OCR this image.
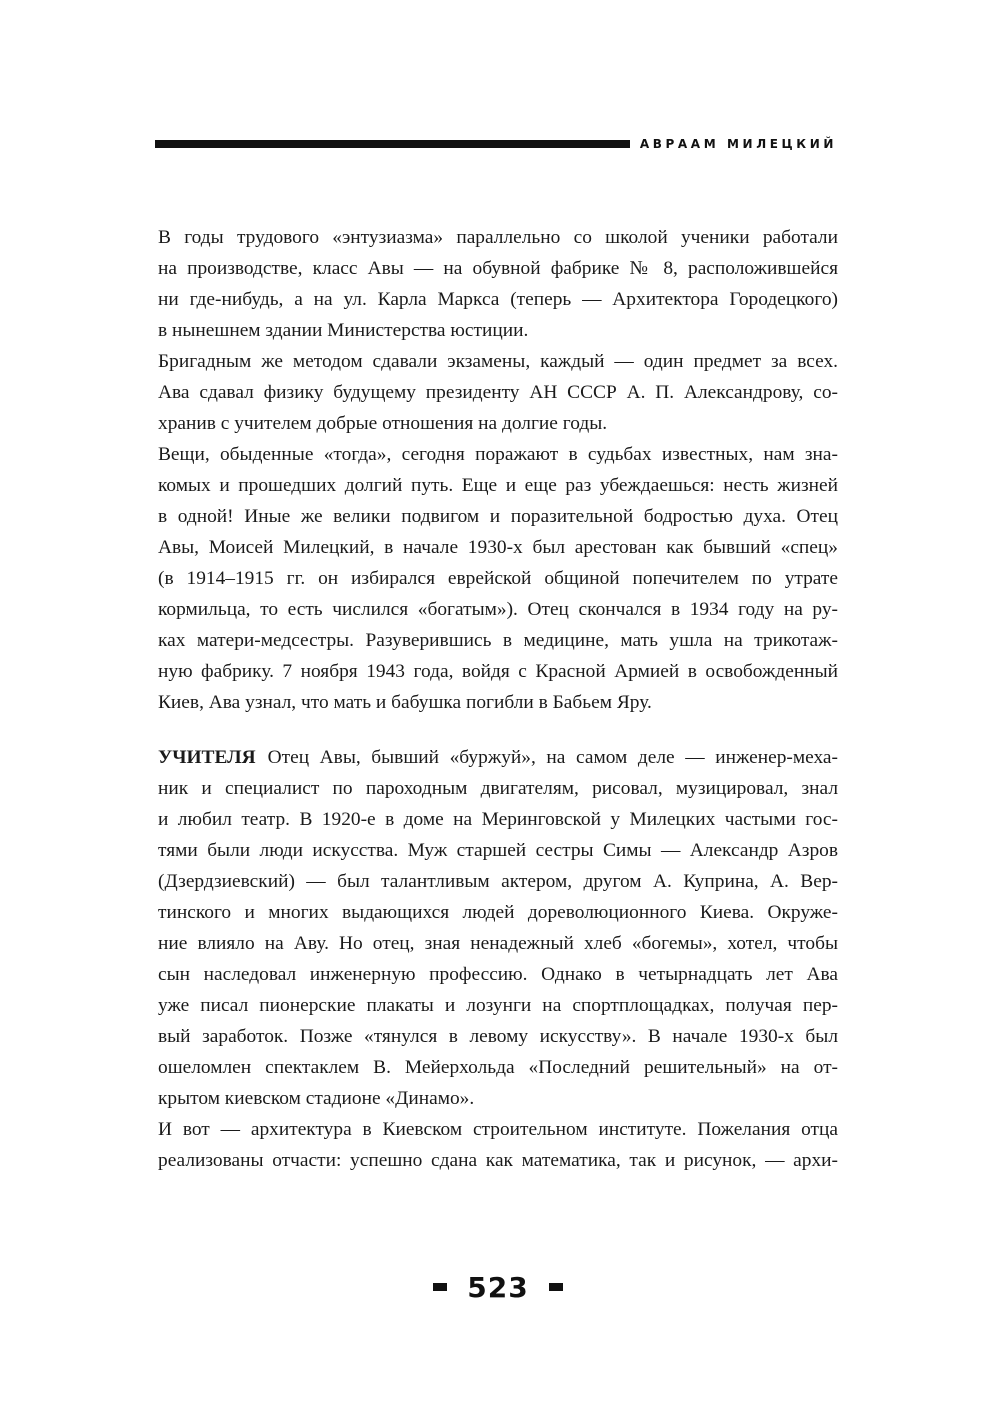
АВРААМ МИЛЕЦКИЙ
В годы трудового «энтузиазма» параллельно со школой ученики работали
на производстве, класс Авы — на обувной фабрике № 8, расположившейся
ни где-нибудь, а на ул. Карла Маркса (теперь — Архитектора Городецкого)
в нынешнем здании Министерства юстиции.
Бригадным же методом сдавали экзамены, каждый — один предмет за всех.
Ава сдавал физику будущему президенту АН СССР А. П. Александрову, со-
хранив с учителем добрые отношения на долгие годы.
Вещи, обыденные «тогда», сегодня поражают в судьбах известных, нам зна-
комых и прошедших долгий путь. Еще и еще раз убеждаешься: несть жизней
в одной! Иные же велики подвигом и поразительной бодростью духа. Отец
Авы, Моисей Милецкий, в начале 1930-х был арестован как бывший «спец»
(в 1914–1915 гг. он избирался еврейской общиной попечителем по утрате
кормильца, то есть числился «богатым»). Отец скончался в 1934 году на ру-
ках матери-медсестры. Разуверившись в медицине, мать ушла на трикотаж-
ную фабрику. 7 ноября 1943 года, войдя с Красной Армией в освобожденный
Киев, Ава узнал, что мать и бабушка погибли в Бабьем Яру.
УЧИТЕЛЯ Отец Авы, бывший «буржуй», на самом деле — инженер-меха-
ник и специалист по пароходным двигателям, рисовал, музицировал, знал
и любил театр. В 1920-е в доме на Меринговской у Милецких частыми гос-
тями были люди искусства. Муж старшей сестры Симы — Александр Азров
(Дзердзиевский) — был талантливым актером, другом А. Куприна, А. Вер-
тинского и многих выдающихся людей дореволюционного Киева. Окруже-
ние влияло на Аву. Но отец, зная ненадежный хлеб «богемы», хотел, чтобы
сын наследовал инженерную профессию. Однако в четырнадцать лет Ава
уже писал пионерские плакаты и лозунги на спортплощадках, получая пер-
вый заработок. Позже «тянулся в левому искусству». В начале 1930-х был
ошеломлен спектаклем В. Мейерхольда «Последний решительный» на от-
крытом киевском стадионе «Динамо».
И вот — архитектура в Киевском строительном институте. Пожелания отца
реализованы отчасти: успешно сдана как математика, так и рисунок, — архи-
523
